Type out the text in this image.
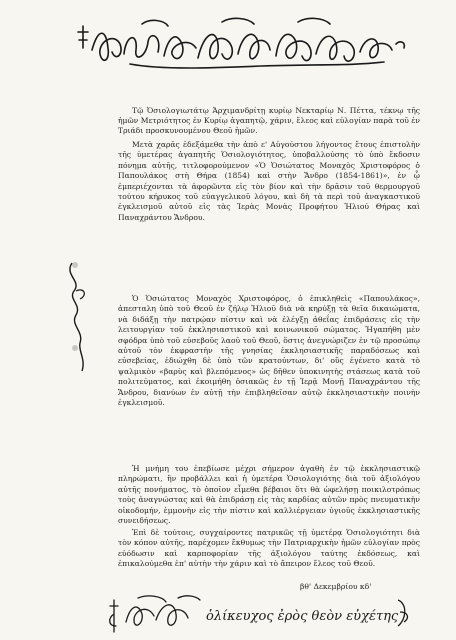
Τῷ Ὁσιολογιωτάτῳ Ἀρχιμανδρίτῃ κυρίῳ Νεκταρίῳ Ν. Πέττα, τέκνῳ τῆς ἡμῶν Μετριότητος ἐν Κυρίῳ ἀγαπητῷ, χάριν, ἔλεος καὶ εὐλογίαν παρὰ τοῦ ἐν Τριάδι προσκυνουμένου Θεοῦ ἡμῶν.

Μετὰ χαρᾶς ἐδεξάμεθα τὴν ἀπὸ ε' Αὐγούστου λήγοντος ἔτους ἐπιστολὴν τῆς ὑμετέρας ἀγαπητῆς Ὁσιολογιότητος, ὑποβαλλούσης τὸ ὑπὸ ἔκδοσιν πόνημα αὐτῆς, τιτλοφορούμενον «Ὁ Ὁσιώτατος Μοναχὸς Χριστοφόρος ὁ Παπουλάκος στὴ Θήρα (1854) καὶ στὴν Ἄνδρο (1854-1861)», ἐν ᾧ ἐμπεριέχονται τὰ ἀφορῶντα εἰς τὸν βίον καὶ τὴν δρᾶσιν τοῦ θερμουργοῦ τούτου κήρυκος τοῦ εὐαγγελικοῦ λόγου, καὶ δὴ τὰ περὶ τοῦ ἀναγκαστικοῦ ἐγκλεισμοῦ αὐτοῦ εἰς τὰς Ἱερὰς Μονὰς Προφήτου Ἠλιού Θήρας καὶ Παναχράντου Ἄνδρου.

Ὁ Ὁσιώτατος Μοναχὸς Χριστοφόρος, ὁ ἐπικληθεὶς «Παπουλάκος», ἀπεσταλη ὑπὸ τοῦ Θεοῦ ἐν ζήλῳ Ἠλιοῦ διὰ νὰ κηρύξῃ τὰ θεῖα δικαιώματα, νὰ διδάξῃ τὴν πατρῴαν πίστιν καὶ νὰ ἐλέγξῃ ἀθεΐας ἐπιδράσεις εἰς τὴν λειτουργίαν τοῦ ἐκκλησιαστικοῦ καὶ κοινωνικοῦ σώματος. Ἠγαπήθη μὲν σφόδρα ὑπὸ τοῦ εὐσεβοῦς λαοῦ τοῦ Θεοῦ, ὅστις ἀνεγνώριζεν ἐν τῷ προσώπῳ αὐτοῦ τὸν ἐκφραστὴν τῆς γνησίας ἐκκλησιαστικῆς παραδόσεως καὶ εὐσεβείας, ἐδιώχθη δὲ ὑπὸ τῶν κρατούντων, δι' οὓς ἐγένετο κατὰ τὸ ψαλμικὸν «βαρὺς καὶ βλεπόμενος» ὡς δῆθεν ὑποκινητὴς στάσεως κατὰ τοῦ πολιτεύματος, καὶ ἐκοιμήθη ὁσιακῶς ἐν τῇ Ἱερᾷ Μονῇ Παναχράντου τῆς Ἄνδρου, διανύων ἐν αὐτῇ τὴν ἐπιβληθεῖσαν αὐτῷ ἐκκλησιαστικὴν ποινὴν ἐγκλεισμοῦ.

Ἡ μνήμη του ἐπεβίωσε μέχρι σήμερον ἀγαθὴ ἐν τῷ ἐκκλησιαστικῷ πληρώματι, ἣν προβάλλει καὶ ἡ ὑμετέρα Ὁσιολογιότης διὰ τοῦ ἀξιολόγου αὐτῆς πονήματος, τὸ ὁποῖον εἶμεθα βέβαιοι ὅτι θὰ ὠφελήσῃ ποικιλοτρόπως τοὺς ἀναγνώστας καὶ θὰ ἐπιδράσῃ εἰς τὰς καρδίας αὐτῶν πρὸς πνευματικὴν οἰκοδομήν, ἐμμονὴν εἰς τὴν πίστιν καὶ καλλιέργειαν ὑγιοῦς ἐκκλησιαστικῆς συνειδήσεως.

Ἐπὶ δὲ τούτοις, συγχαίροντες πατρικῶς τῇ ὑμετέρᾳ Ὁσιολογιότητι διὰ τὸν κόπον αὐτῆς, παρέχομεν ἔκθυμως τὴν Πατριαρχικὴν ἡμῶν εὐλογίαν πρὸς εὐόδωσιν καὶ καρποφορίαν τῆς ἀξιολόγου ταύτης ἐκδόσεως, καὶ ἐπικαλούμεθα ἐπ' αὐτὴν τὴν χάριν καὶ τὸ ἄπειρον ἔλεος τοῦ Θεοῦ.

βθ' Δεκεμβρίου κδ'
ὁλίκευχος ἐρὸς θεὸν εὐχέτης
